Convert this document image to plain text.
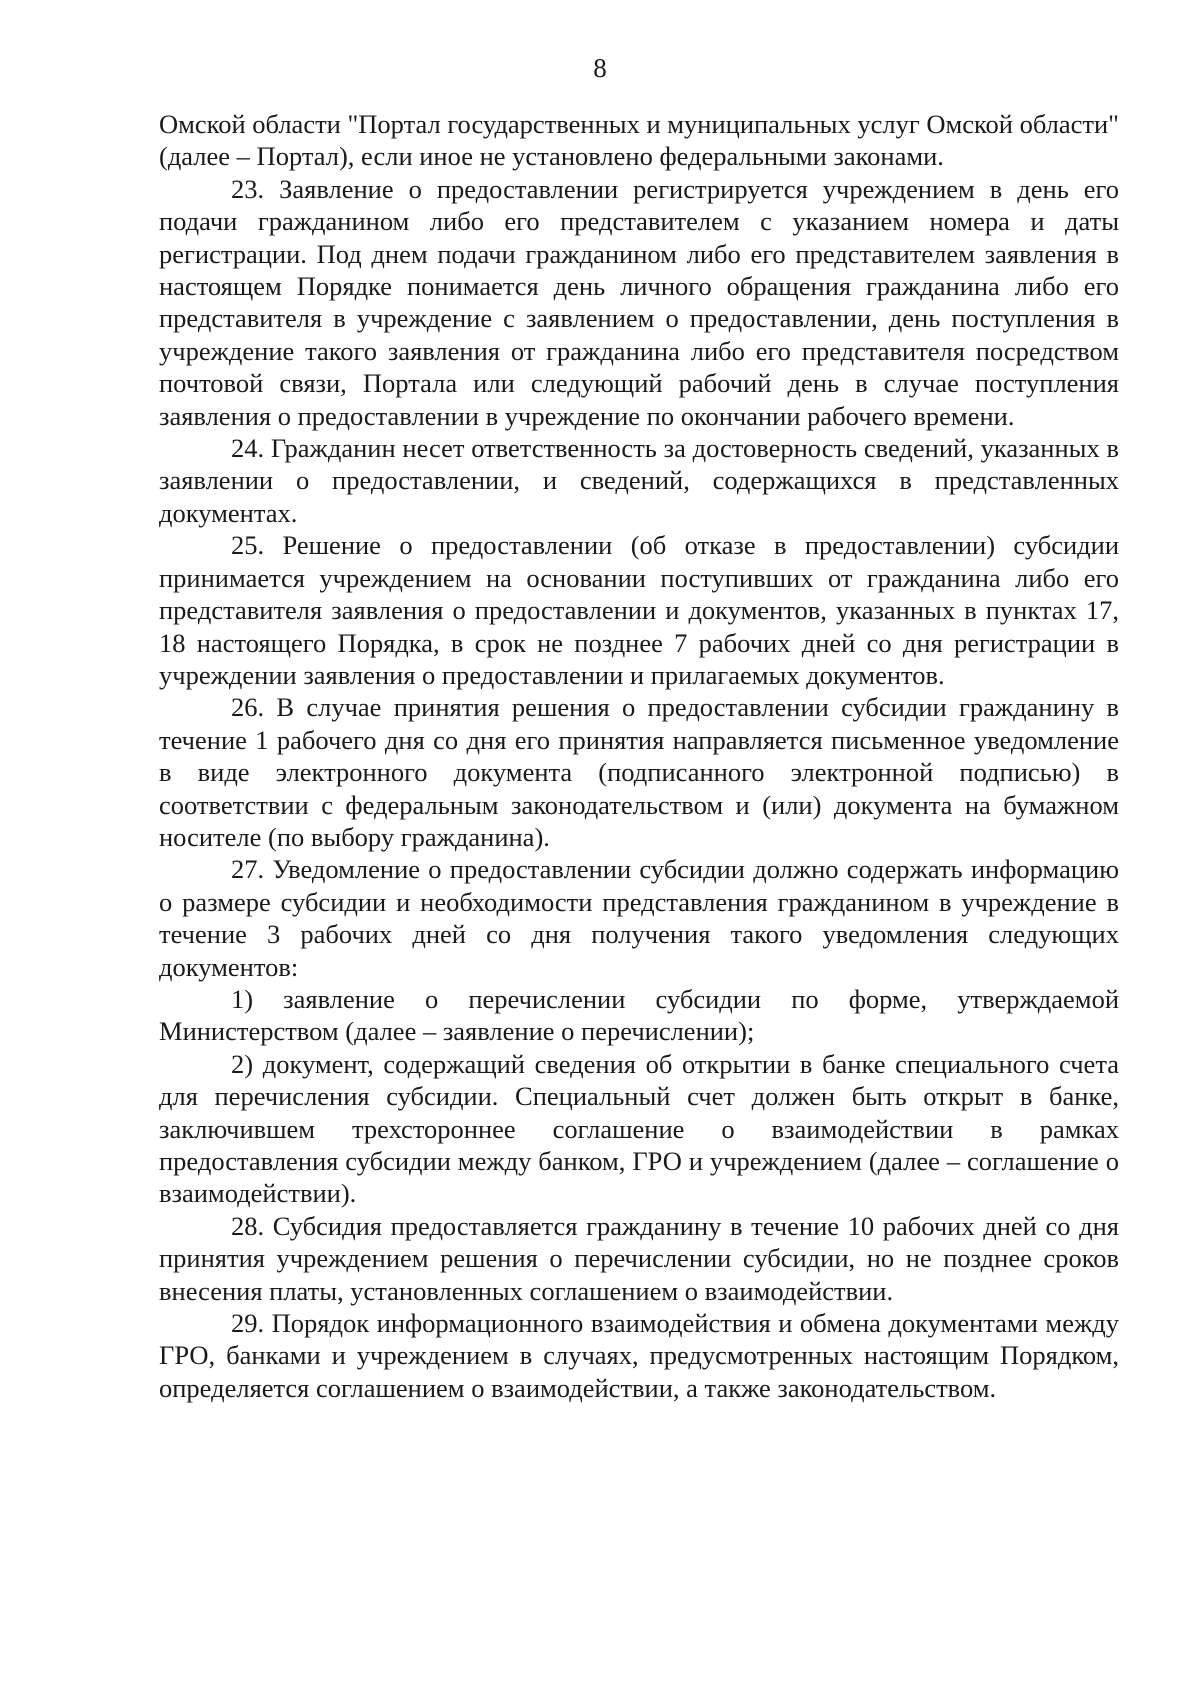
8

Омской области "Портал государственных и муниципальных услуг Омской области" (далее – Портал), если иное не установлено федеральными законами.

23. Заявление о предоставлении регистрируется учреждением в день его подачи гражданином либо его представителем с указанием номера и даты регистрации. Под днем подачи гражданином либо его представителем заявления в настоящем Порядке понимается день личного обращения гражданина либо его представителя в учреждение с заявлением о предоставлении, день поступления в учреждение такого заявления от гражданина либо его представителя посредством почтовой связи, Портала или следующий рабочий день в случае поступления заявления о предоставлении в учреждение по окончании рабочего времени.

24. Гражданин несет ответственность за достоверность сведений, указанных в заявлении о предоставлении, и сведений, содержащихся в представленных документах.

25. Решение о предоставлении (об отказе в предоставлении) субсидии принимается учреждением на основании поступивших от гражданина либо его представителя заявления о предоставлении и документов, указанных в пунктах 17, 18 настоящего Порядка, в срок не позднее 7 рабочих дней со дня регистрации в учреждении заявления о предоставлении и прилагаемых документов.

26. В случае принятия решения о предоставлении субсидии гражданину в течение 1 рабочего дня со дня его принятия направляется письменное уведомление в виде электронного документа (подписанного электронной подписью) в соответствии с федеральным законодательством и (или) документа на бумажном носителе (по выбору гражданина).

27. Уведомление о предоставлении субсидии должно содержать информацию о размере субсидии и необходимости представления гражданином в учреждение в течение 3 рабочих дней со дня получения такого уведомления следующих документов:

1) заявление о перечислении субсидии по форме, утверждаемой Министерством (далее – заявление о перечислении);

2) документ, содержащий сведения об открытии в банке специального счета для перечисления субсидии. Специальный счет должен быть открыт в банке, заключившем трехстороннее соглашение о взаимодействии в рамках предоставления субсидии между банком, ГРО и учреждением (далее – соглашение о взаимодействии).

28. Субсидия предоставляется гражданину в течение 10 рабочих дней со дня принятия учреждением решения о перечислении субсидии, но не позднее сроков внесения платы, установленных соглашением о взаимодействии.

29. Порядок информационного взаимодействия и обмена документами между ГРО, банками и учреждением в случаях, предусмотренных настоящим Порядком, определяется соглашением о взаимодействии, а также законодательством.
